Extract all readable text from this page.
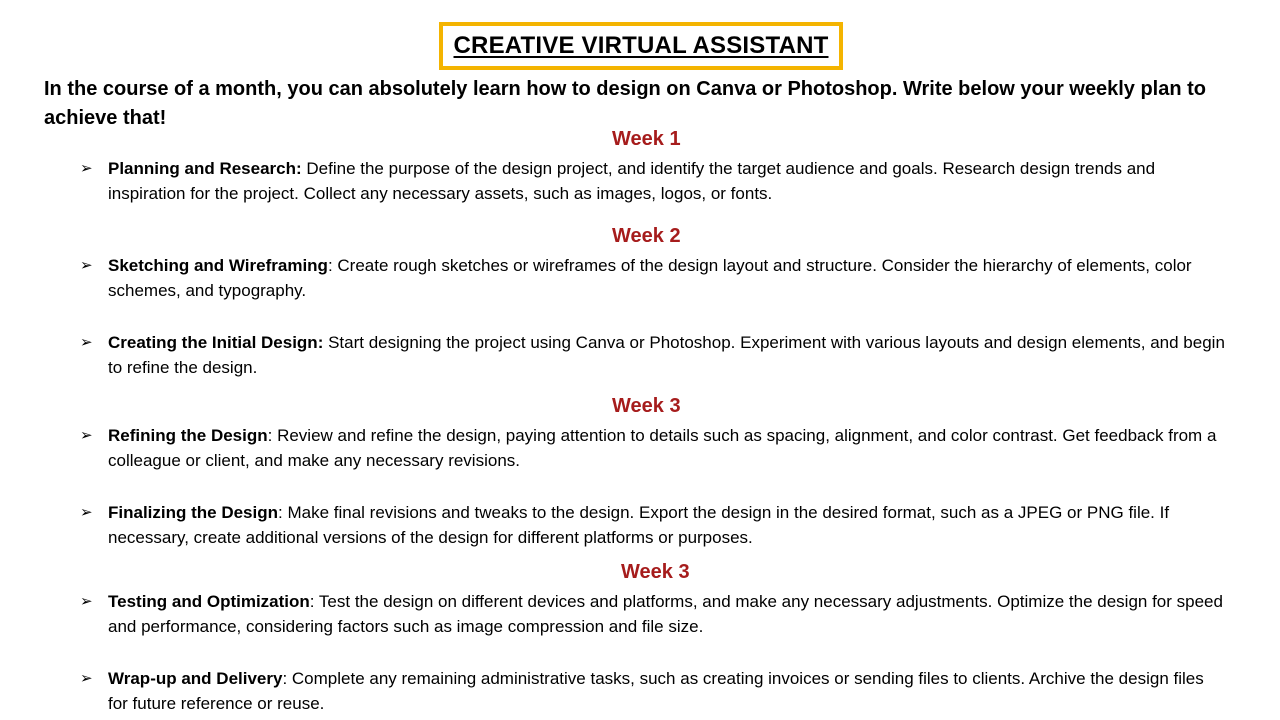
CREATIVE VIRTUAL ASSISTANT
In the course of a month, you can absolutely learn how to design on Canva or Photoshop. Write below your weekly plan to achieve that!
Week 1
➢ Planning and Research: Define the purpose of the design project, and identify the target audience and goals. Research design trends and inspiration for the project. Collect any necessary assets, such as images, logos, or fonts.
Week 2
➢ Sketching and Wireframing: Create rough sketches or wireframes of the design layout and structure. Consider the hierarchy of elements, color schemes, and typography.
➢ Creating the Initial Design: Start designing the project using Canva or Photoshop. Experiment with various layouts and design elements, and begin to refine the design.
Week 3
➢ Refining the Design: Review and refine the design, paying attention to details such as spacing, alignment, and color contrast. Get feedback from a colleague or client, and make any necessary revisions.
➢ Finalizing the Design: Make final revisions and tweaks to the design. Export the design in the desired format, such as a JPEG or PNG file. If necessary, create additional versions of the design for different platforms or purposes.
Week 3
➢ Testing and Optimization: Test the design on different devices and platforms, and make any necessary adjustments. Optimize the design for speed and performance, considering factors such as image compression and file size.
➢ Wrap-up and Delivery: Complete any remaining administrative tasks, such as creating invoices or sending files to clients. Archive the design files for future reference or reuse.
